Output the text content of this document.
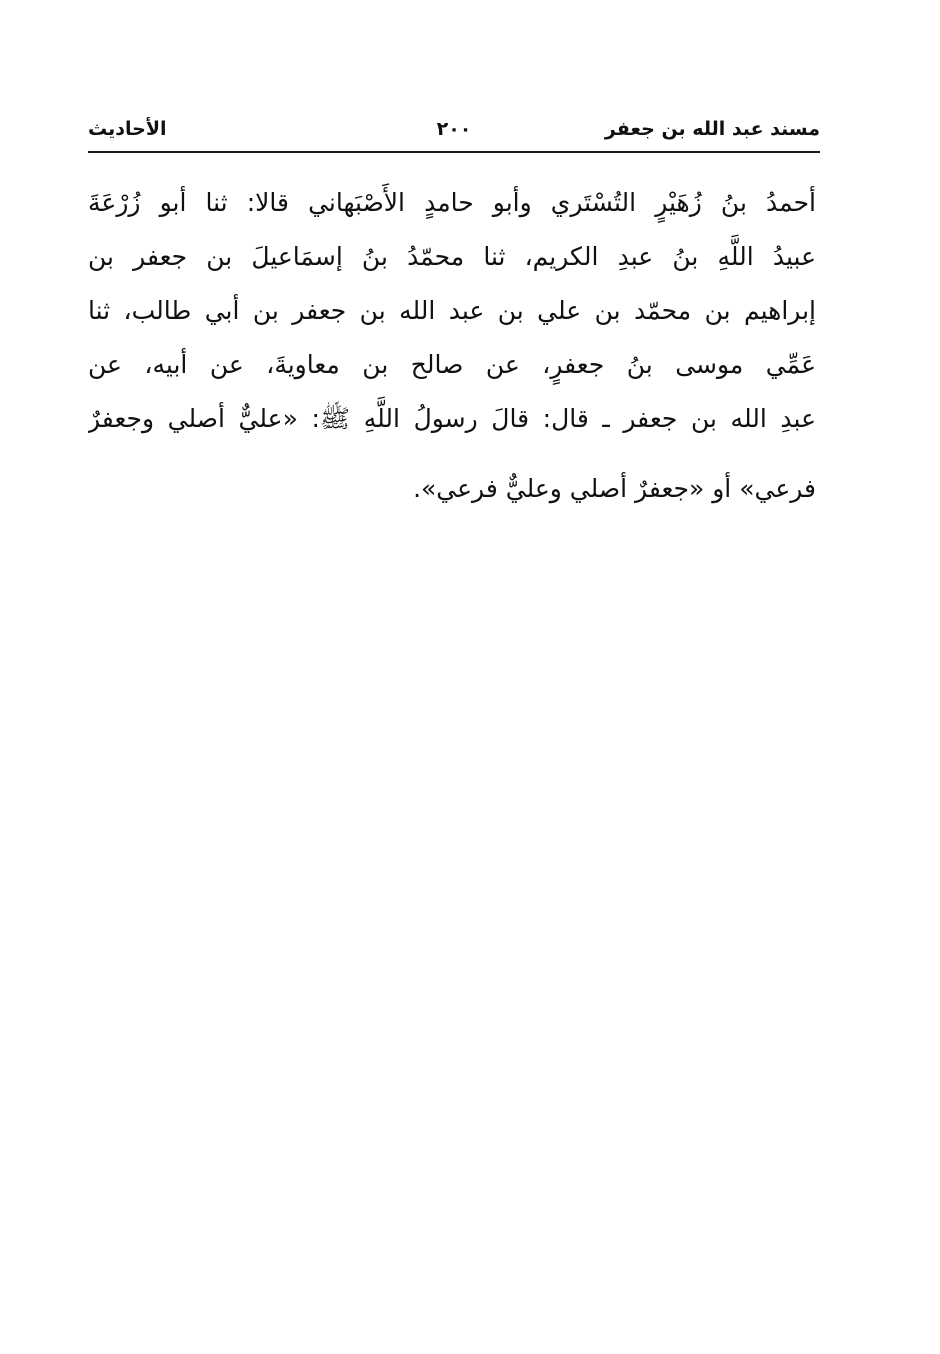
مسند عبد الله بن جعفر
٢٠٠
الأحاديث
أحمدُ بنُ زُهَيْرٍ التُسْتَري وأبو حامدٍ الأَصْبَهاني قالا: ثنا أبو زُرْعَةَ
عبيدُ اللَّهِ بنُ عبدِ الكريم، ثنا محمّدُ بنُ إسمَاعيلَ بن جعفر بن
إبراهيم بن محمّد بن علي بن عبد الله بن جعفر بن أبي طالب، ثنا
عَمِّي موسى بنُ جعفرٍ، عن صالح بن معاويةَ، عن أبيه، عن
عبدِ الله بن جعفر ـ قال: قالَ رسولُ اللَّهِ ﷺ: «عليٌّ أصلي وجعفرٌ
فرعي» أو «جعفرٌ أصلي وعليٌّ فرعي».
